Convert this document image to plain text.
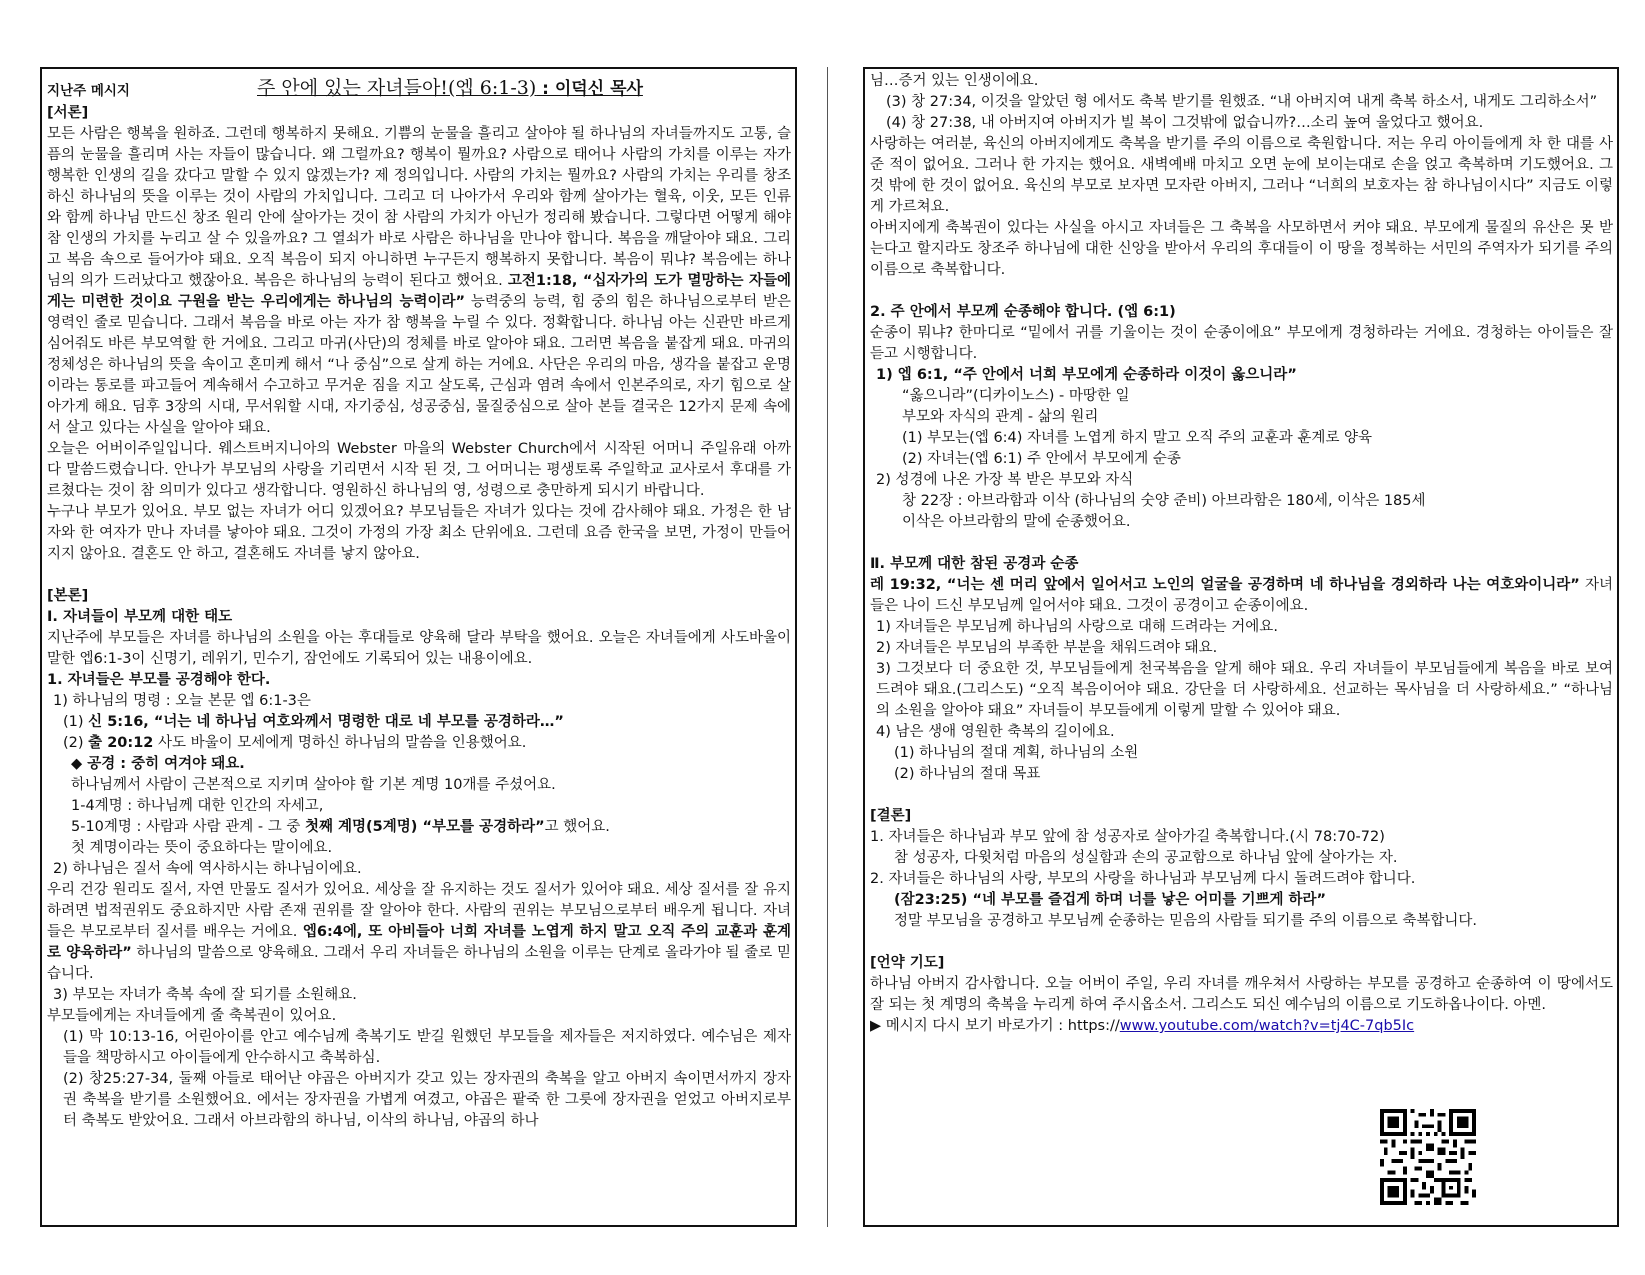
지난주 메시지	주 안에 있는 자녀들아!(엡 6:1-3) : 이덕신 목사

[서론]

모든 사람은 행복을 원하죠. 그런데 행복하지 못해요. 기쁨의 눈물을 흘리고 살아야 될 하나님의 자녀들까지도 고통, 슬픔의 눈물을 흘리며 사는 자들이 많습니다. 왜 그럴까요? 행복이 뭘까요? 사람으로 태어나 사람의 가치를 이루는 자가 행복한 인생의 길을 갔다고 말할 수 있지 않겠는가? 제 정의입니다. 사람의 가치는 뭘까요? 사람의 가치는 우리를 창조하신 하나님의 뜻을 이루는 것이 사람의 가치입니다. 그리고 더 나아가서 우리와 함께 살아가는 혈육, 이웃, 모든 인류와 함께 하나님 만드신 창조 원리 안에 살아가는 것이 참 사람의 가치가 아닌가 정리해 봤습니다. 그렇다면 어떻게 해야 참 인생의 가치를 누리고 살 수 있을까요? 그 열쇠가 바로 사람은 하나님을 만나야 합니다. 복음을 깨달아야 돼요. 그리고 복음 속으로 들어가야 돼요. 오직 복음이 되지 아니하면 누구든지 행복하지 못합니다. 복음이 뭐냐? 복음에는 하나님의 의가 드러났다고 했잖아요. 복음은 하나님의 능력이 된다고 했어요. 고전1:18, “십자가의 도가 멸망하는 자들에게는 미련한 것이요 구원을 받는 우리에게는 하나님의 능력이라” 능력중의 능력, 힘 중의 힘은 하나님으로부터 받은 영력인 줄로 믿습니다. 그래서 복음을 바로 아는 자가 참 행복을 누릴 수 있다. 정확합니다. 하나님 아는 신관만 바르게 심어줘도 바른 부모역할 한 거에요. 그리고 마귀(사단)의 정체를 바로 알아야 돼요. 그러면 복음을 붙잡게 돼요. 마귀의 정체성은 하나님의 뜻을 속이고 혼미케 해서 “나 중심”으로 살게 하는 거에요. 사단은 우리의 마음, 생각을 붙잡고 운명이라는 통로를 파고들어 계속해서 수고하고 무거운 짐을 지고 살도록, 근심과 염려 속에서 인본주의로, 자기 힘으로 살아가게 해요. 딤후 3장의 시대, 무서워할 시대, 자기중심, 성공중심, 물질중심으로 살아 본들 결국은 12가지 문제 속에서 살고 있다는 사실을 알아야 돼요.

오늘은 어버이주일입니다. 웨스트버지니아의 Webster 마을의 Webster Church에서 시작된 어머니 주일유래 아까 다 말씀드렸습니다. 안나가 부모님의 사랑을 기리면서 시작 된 것, 그 어머니는 평생토록 주일학교 교사로서 후대를 가르쳤다는 것이 참 의미가 있다고 생각합니다. 영원하신 하나님의 영, 성령으로 충만하게 되시기 바랍니다.

누구나 부모가 있어요. 부모 없는 자녀가 어디 있겠어요? 부모님들은 자녀가 있다는 것에 감사해야 돼요. 가정은 한 남자와 한 여자가 만나 자녀를 낳아야 돼요. 그것이 가정의 가장 최소 단위에요. 그런데 요즘 한국을 보면, 가정이 만들어지지 않아요. 결혼도 안 하고, 결혼해도 자녀를 낳지 않아요.

[본론]

Ⅰ. 자녀들이 부모께 대한 태도

지난주에 부모들은 자녀를 하나님의 소원을 아는 후대들로 양육해 달라 부탁을 했어요. 오늘은 자녀들에게 사도바울이 말한 엡6:1-3이 신명기, 레위기, 민수기, 잠언에도 기록되어 있는 내용이에요.

1. 자녀들은 부모를 공경해야 한다.

1) 하나님의 명령 : 오늘 본문 엡 6:1-3은

(1) 신 5:16, “너는 네 하나님 여호와께서 명령한 대로 네 부모를 공경하라…”

(2) 출 20:12 사도 바울이 모세에게 명하신 하나님의 말씀을 인용했어요.

◆ 공경 : 중히 여겨야 돼요.

하나님께서 사람이 근본적으로 지키며 살아야 할 기본 계명 10개를 주셨어요.

1-4계명 : 하나님께 대한 인간의 자세고,

5-10계명 : 사람과 사람 관계 - 그 중 첫째 계명(5계명) “부모를 공경하라”고 했어요.

첫 계명이라는 뜻이 중요하다는 말이에요.

2) 하나님은 질서 속에 역사하시는 하나님이에요.

우리 건강 원리도 질서, 자연 만물도 질서가 있어요. 세상을 잘 유지하는 것도 질서가 있어야 돼요. 세상 질서를 잘 유지하려면 법적권위도 중요하지만 사람 존재 권위를 잘 알아야 한다. 사람의 권위는 부모님으로부터 배우게 됩니다. 자녀들은 부모로부터 질서를 배우는 거에요. 엡6:4에, 또 아비들아 너희 자녀를 노엽게 하지 말고 오직 주의 교훈과 훈계로 양육하라” 하나님의 말씀으로 양육해요. 그래서 우리 자녀들은 하나님의 소원을 이루는 단계로 올라가야 될 줄로 믿습니다.

3) 부모는 자녀가 축복 속에 잘 되기를 소원해요.

부모들에게는 자녀들에게 줄 축복권이 있어요.

(1) 막 10:13-16, 어린아이를 안고 예수님께 축복기도 받길 원했던 부모들을 제자들은 저지하였다. 예수님은 제자들을 책망하시고 아이들에게 안수하시고 축복하심.

(2) 창25:27-34, 둘째 아들로 태어난 야곱은 아버지가 갖고 있는 장자권의 축복을 알고 아버지 속이면서까지 장자권 축복을 받기를 소원했어요. 에서는 장자권을 가볍게 여겼고, 야곱은 팥죽 한 그릇에 장자권을 얻었고 아버지로부터 축복도 받았어요. 그래서 아브라함의 하나님, 이삭의 하나님, 야곱의 하나

님…증거 있는 인생이에요.

(3) 창 27:34, 이것을 알았던 형 에서도 축복 받기를 원했죠. “내 아버지여 내게 축복 하소서, 내게도 그리하소서”

(4) 창 27:38, 내 아버지여 아버지가 빌 복이 그것밖에 없습니까?…소리 높여 울었다고 했어요.

사랑하는 여러분, 육신의 아버지에게도 축복을 받기를 주의 이름으로 축원합니다. 저는 우리 아이들에게 차 한 대를 사준 적이 없어요. 그러나 한 가지는 했어요. 새벽예배 마치고 오면 눈에 보이는대로 손을 얹고 축복하며 기도했어요. 그것 밖에 한 것이 없어요. 육신의 부모로 보자면 모자란 아버지, 그러나 “너희의 보호자는 참 하나님이시다” 지금도 이렇게 가르쳐요.

아버지에게 축복권이 있다는 사실을 아시고 자녀들은 그 축복을 사모하면서 커야 돼요. 부모에게 물질의 유산은 못 받는다고 할지라도 창조주 하나님에 대한 신앙을 받아서 우리의 후대들이 이 땅을 정복하는 서민의 주역자가 되기를 주의 이름으로 축복합니다.

2. 주 안에서 부모께 순종해야 합니다. (엡 6:1)

순종이 뭐냐? 한마디로 “밑에서 귀를 기울이는 것이 순종이에요” 부모에게 경청하라는 거에요. 경청하는 아이들은 잘 듣고 시행합니다.

1) 엡 6:1, “주 안에서 너희 부모에게 순종하라 이것이 옳으니라”

“옳으니라”(디카이노스) - 마땅한 일

부모와 자식의 관계 - 삶의 원리

(1) 부모는(엡 6:4) 자녀를 노엽게 하지 말고 오직 주의 교훈과 훈계로 양육

(2) 자녀는(엡 6:1) 주 안에서 부모에게 순종

2) 성경에 나온 가장 복 받은 부모와 자식

창 22장 : 아브라함과 이삭 (하나님의 숫양 준비) 아브라함은 180세, 이삭은 185세

이삭은 아브라함의 말에 순종했어요.

Ⅱ. 부모께 대한 참된 공경과 순종

레 19:32, “너는 센 머리 앞에서 일어서고 노인의 얼굴을 공경하며 네 하나님을 경외하라 나는 여호와이니라” 자녀들은 나이 드신 부모님께 일어서야 돼요. 그것이 공경이고 순종이에요.

1) 자녀들은 부모님께 하나님의 사랑으로 대해 드려라는 거에요.

2) 자녀들은 부모님의 부족한 부분을 채워드려야 돼요.

3) 그것보다 더 중요한 것, 부모님들에게 천국복음을 알게 해야 돼요. 우리 자녀들이 부모님들에게 복음을 바로 보여드려야 돼요.(그리스도) “오직 복음이어야 돼요. 강단을 더 사랑하세요. 선교하는 목사님을 더 사랑하세요.” “하나님의 소원을 알아야 돼요” 자녀들이 부모들에게 이렇게 말할 수 있어야 돼요.

4) 남은 생애 영원한 축복의 길이에요.

(1) 하나님의 절대 계획, 하나님의 소원

(2) 하나님의 절대 목표

[결론]

1. 자녀들은 하나님과 부모 앞에 참 성공자로 살아가길 축복합니다.(시 78:70-72)

참 성공자, 다윗처럼 마음의 성실함과 손의 공교함으로 하나님 앞에 살아가는 자.

2. 자녀들은 하나님의 사랑, 부모의 사랑을 하나님과 부모님께 다시 돌려드려야 합니다.

(잠23:25) “네 부모를 즐겁게 하며 너를 낳은 어미를 기쁘게 하라”

정말 부모님을 공경하고 부모님께 순종하는 믿음의 사람들 되기를 주의 이름으로 축복합니다.

[언약 기도]

하나님 아버지 감사합니다. 오늘 어버이 주일, 우리 자녀를 깨우쳐서 사랑하는 부모를 공경하고 순종하여 이 땅에서도 잘 되는 첫 계명의 축복을 누리게 하여 주시옵소서. 그리스도 되신 예수님의 이름으로 기도하옵나이다. 아멘.

▶ 메시지 다시 보기 바로가기 : https://www.youtube.com/watch?v=tj4C-7qb5Ic
